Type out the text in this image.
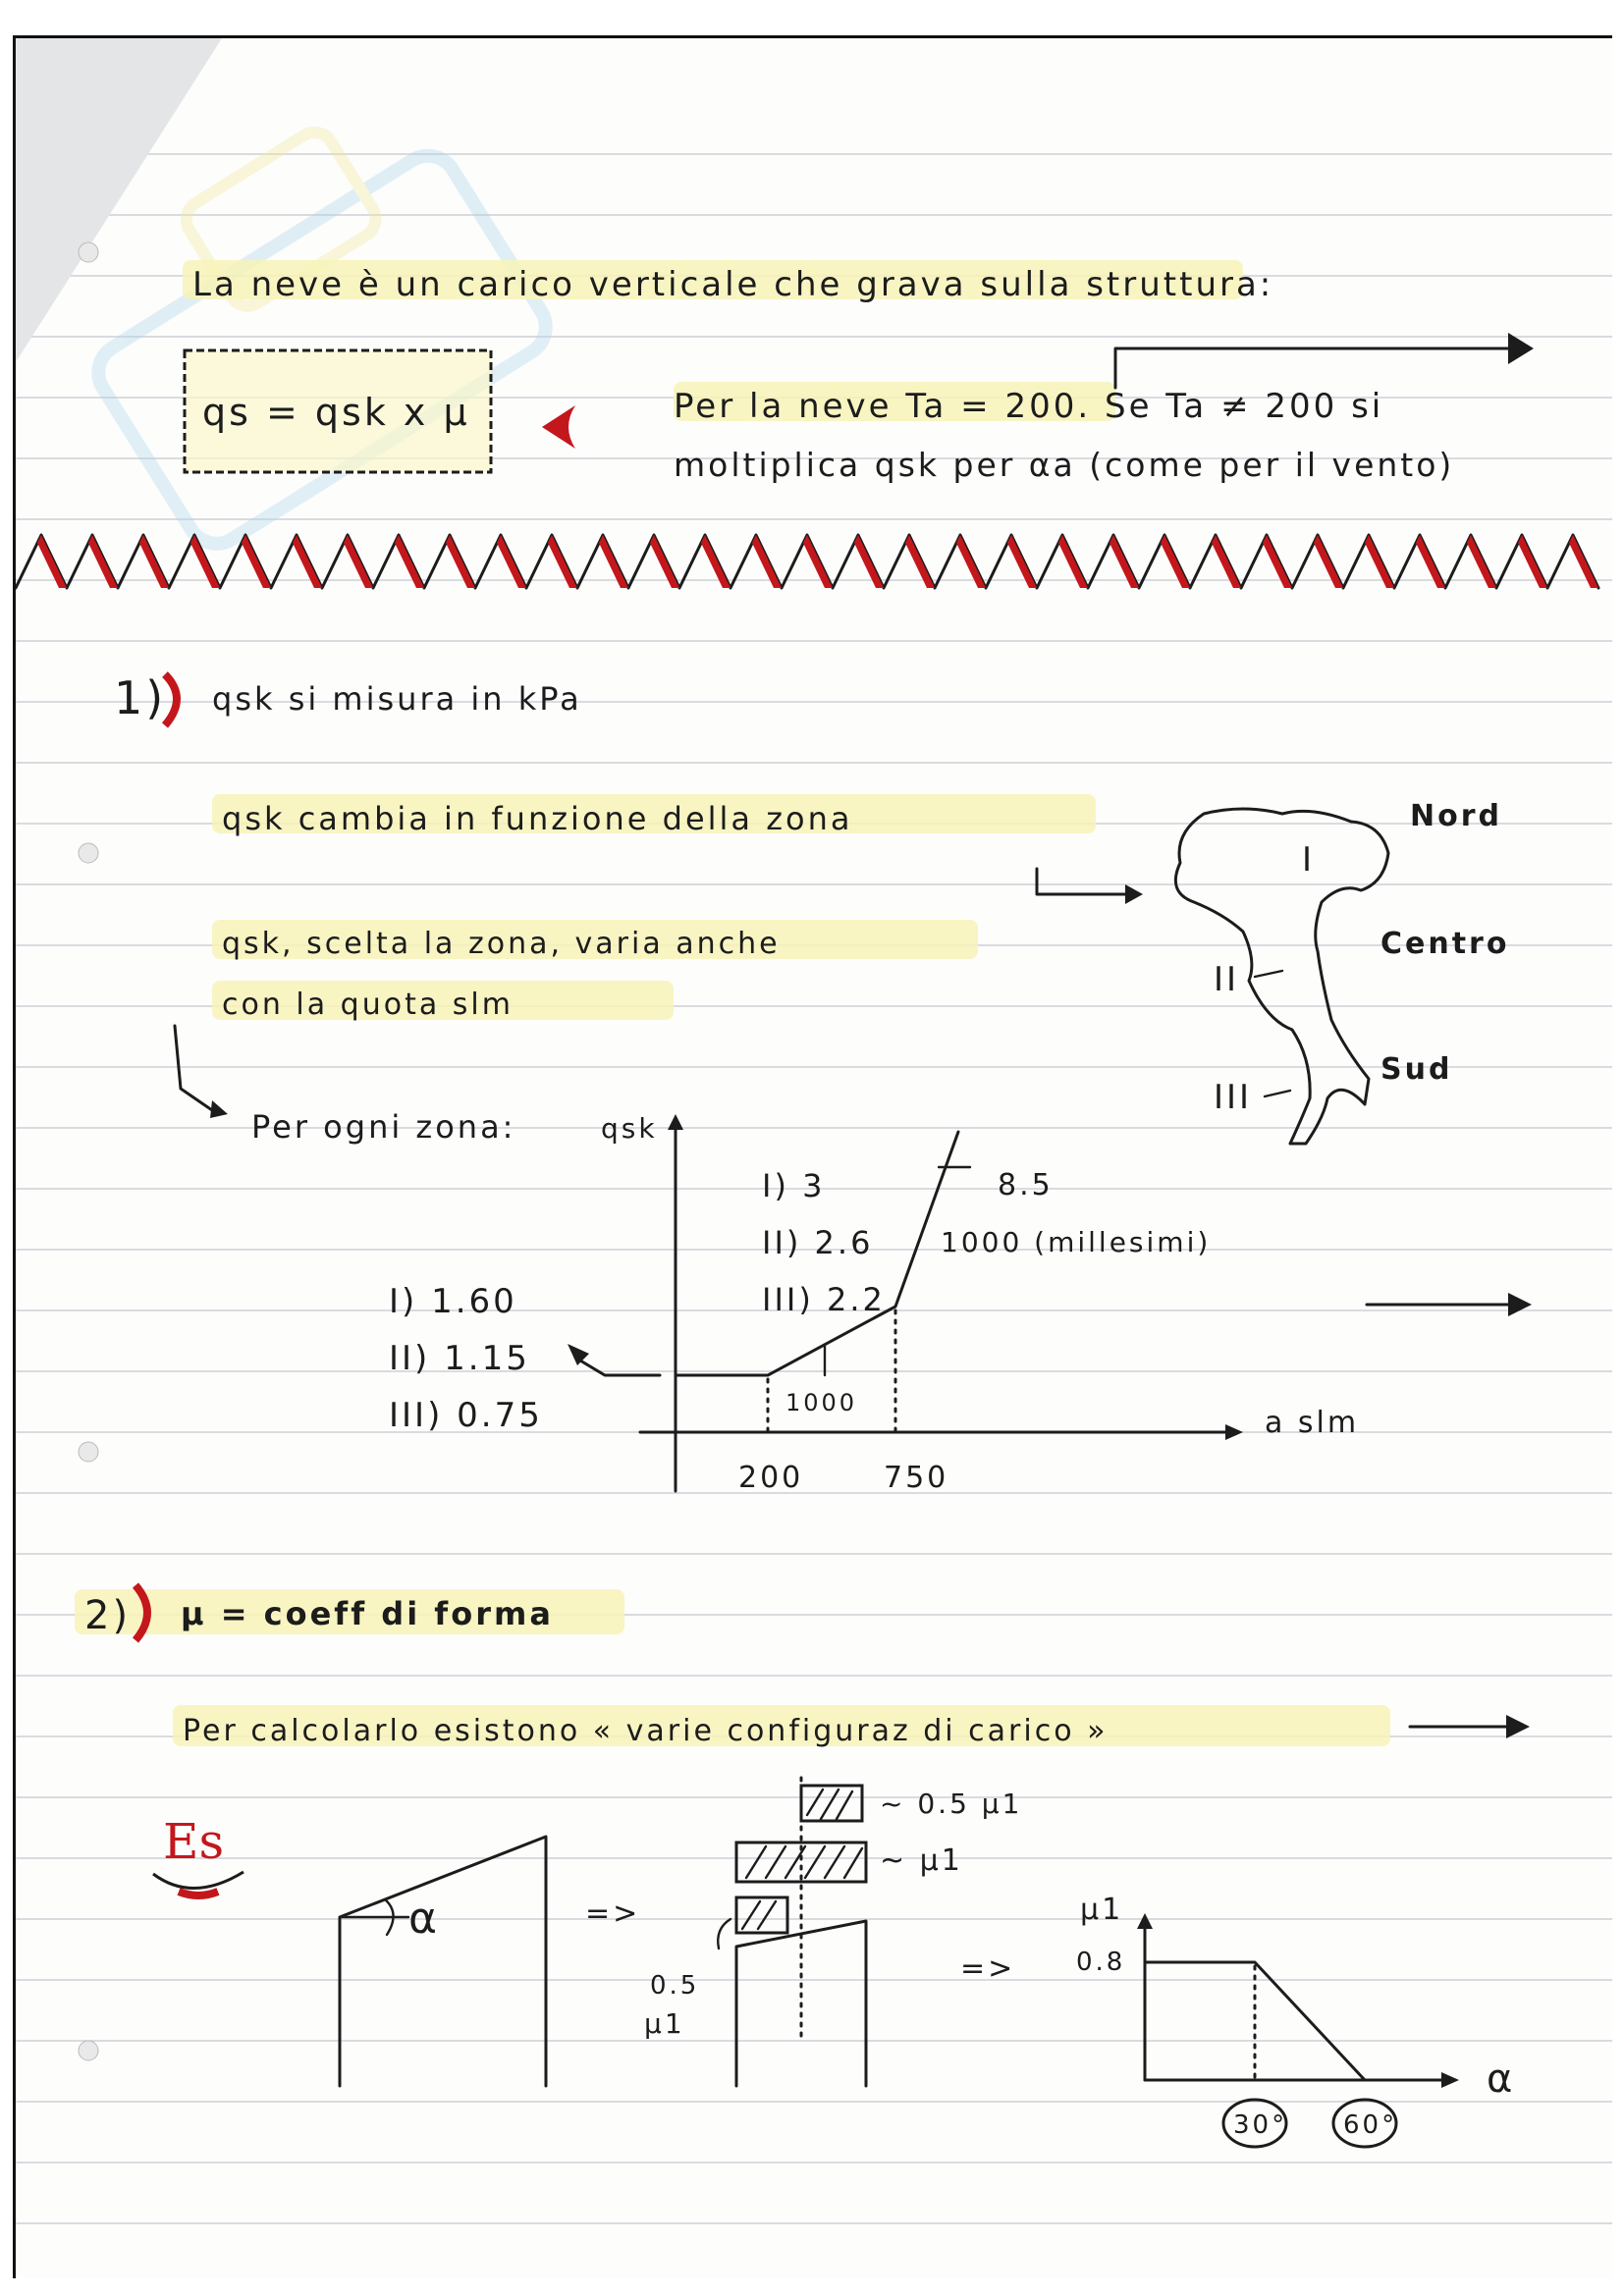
La neve è un carico verticale che grava sulla struttura:
qs = qsk x μ	Per la neve Ta = 200. Se Ta ≠ 200 si
moltiplica qsk per αa (come per il vento)
1) qsk si misura in kPa
qsk cambia in funzione della zona
qsk, scelta la zona, varia anche
con la quota slm
I
II
III
Nord
Centro
Sud
Per ogni zona:	qsk
a slm
200	750
I) 1.60
II) 1.15
III) 0.75
I) 3
II) 2.6
III) 2.2
1000
8.5
1000 (millesimi)
2) μ = coeff di forma
Per calcolarlo esistono « varie configuraz di carico »
Es
α	=>
~ 0.5 μ1
~ μ1
0.5
μ1
=>
μ1
α
0.8
30° 60°
